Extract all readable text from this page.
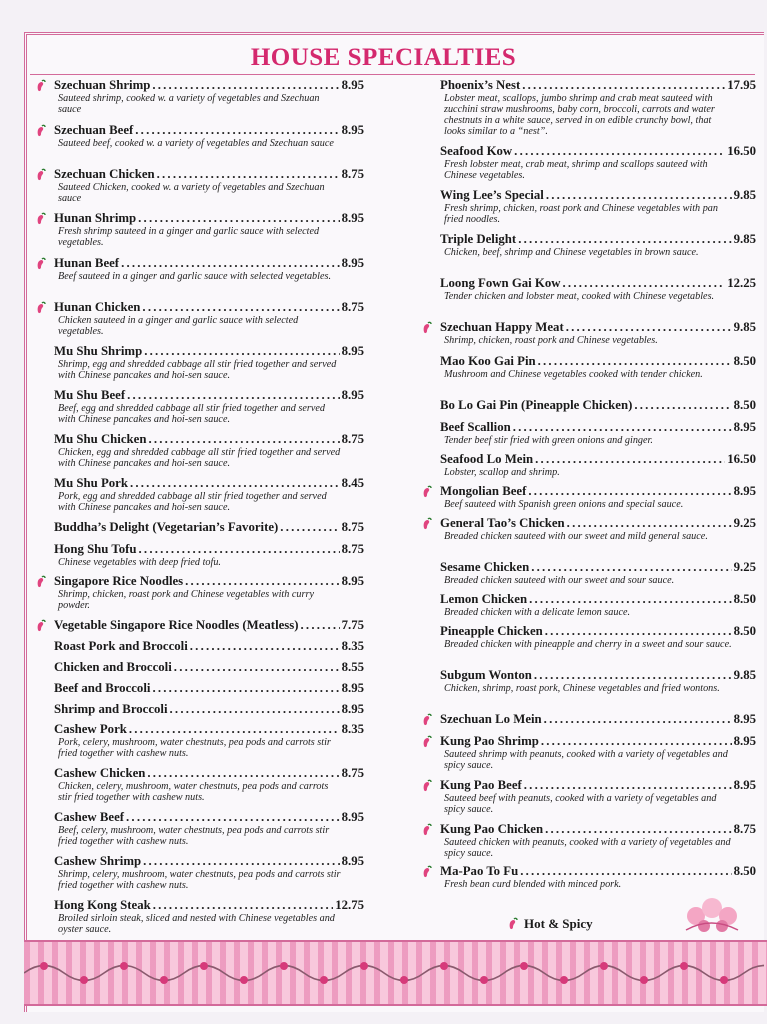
HOUSE SPECIALTIES
Szechuan Shrimp . . .	8.95
Sauteed shrimp, cooked w. a variety of vegetables and Szechuan sauce
Szechuan Beef . . .	8.95
Sauteed beef, cooked w. a variety of vegetables and Szechuan sauce
Szechuan Chicken . . .	8.75
Sauteed Chicken, cooked w. a variety of vegetables and Szechuan sauce
Hunan Shrimp . . .	8.95
Fresh shrimp sauteed in a ginger and garlic sauce with selected vegetables.
Hunan Beef . . .	8.95
Beef sauteed in a ginger and garlic sauce with selected vegetables.
Hunan Chicken . . .	8.75
Chicken sauteed in a ginger and garlic sauce with selected vegetables.
Mu Shu Shrimp . . .	8.95
Shrimp, egg and shredded cabbage all stir fried together and served with Chinese pancakes and hoi-sen sauce.
Mu Shu Beef . . .	8.95
Beef, egg and shredded cabbage all stir fried together and served with Chinese pancakes and hoi-sen sauce.
Mu Shu Chicken . . .	8.75
Chicken, egg and shredded cabbage all stir fried together and served with Chinese pancakes and hoi-sen sauce.
Mu Shu Pork . . .	8.45
Pork, egg and shredded cabbage all stir fried together and served with Chinese pancakes and hoi-sen sauce.
Buddha’s Delight (Vegetarian’s Favorite) . . .	8.75
Hong Shu Tofu . . .	8.75
Chinese vegetables with deep fried tofu.
Singapore Rice Noodles . . .	8.95
Shrimp, chicken, roast pork and Chinese vegetables with curry powder.
Vegetable Singapore Rice Noodles (Meatless) . . .	7.75
Roast Pork and Broccoli . . .	8.35
Chicken and Broccoli . . .	8.55
Beef and Broccoli . . .	8.95
Shrimp and Broccoli . . .	8.95
Cashew Pork . . .	8.35
Pork, celery, mushroom, water chestnuts, pea pods and carrots stir fried together with cashew nuts.
Cashew Chicken . . .	8.75
Chicken, celery, mushroom, water chestnuts, pea pods and carrots stir fried together with cashew nuts.
Cashew Beef . . .	8.95
Beef, celery, mushroom, water chestnuts, pea pods and carrots stir fried together with cashew nuts.
Cashew Shrimp . . .	8.95
Shrimp, celery, mushroom, water chestnuts, pea pods and carrots stir fried together with cashew nuts.
Hong Kong Steak . . .	12.75
Broiled sirloin steak, sliced and nested with Chinese vegetables and oyster sauce.
Phoenix’s Nest . . .	17.95
Lobster meat, scallops, jumbo shrimp and crab meat sauteed with zucchini straw mushrooms, baby corn, broccoli, carrots and water chestnuts in a white sauce, served in on edible crunchy bowl, that looks similar to a “nest”.
Seafood Kow . . .	16.50
Fresh lobster meat, crab meat, shrimp and scallops sauteed with Chinese vegetables.
Wing Lee’s Special . . .	9.85
Fresh shrimp, chicken, roast pork and Chinese vegetables with pan fried noodles.
Triple Delight . . .	9.85
Chicken, beef, shrimp and Chinese vegetables in brown sauce.
Loong Fown Gai Kow . . .	12.25
Tender chicken and lobster meat, cooked with Chinese vegetables.
Szechuan Happy Meat . . .	9.85
Shrimp, chicken, roast pork and Chinese vegetables.
Mao Koo Gai Pin . . .	8.50
Mushroom and Chinese vegetables cooked with tender chicken.
Bo Lo Gai Pin (Pineapple Chicken) . . .	8.50
Beef Scallion . . .	8.95
Tender beef stir fried with green onions and ginger.
Seafood Lo Mein . . .	16.50
Lobster, scallop and shrimp.
Mongolian Beef . . .	8.95
Beef sauteed with Spanish green onions and special sauce.
General Tao’s Chicken . . .	9.25
Breaded chicken sauteed with our sweet and mild general sauce.
Sesame Chicken . . .	9.25
Breaded chicken sauteed with our sweet and sour sauce.
Lemon Chicken . . .	8.50
Breaded chicken with a delicate lemon sauce.
Pineapple Chicken . . .	8.50
Breaded chicken with pineapple and cherry in a sweet and sour sauce.
Subgum Wonton . . .	9.85
Chicken, shrimp, roast pork, Chinese vegetables and fried wontons.
Szechuan Lo Mein . . .	8.95
Kung Pao Shrimp . . .	8.95
Sauteed shrimp with peanuts, cooked with a variety of vegetables and spicy sauce.
Kung Pao Beef . . .	8.95
Sauteed beef with peanuts, cooked with a variety of vegetables and spicy sauce.
Kung Pao Chicken . . .	8.75
Sauteed chicken with peanuts, cooked with a variety of vegetables and spicy sauce.
Ma-Pao To Fu . . .	8.50
Fresh bean curd blended with minced pork.
Hot & Spicy
